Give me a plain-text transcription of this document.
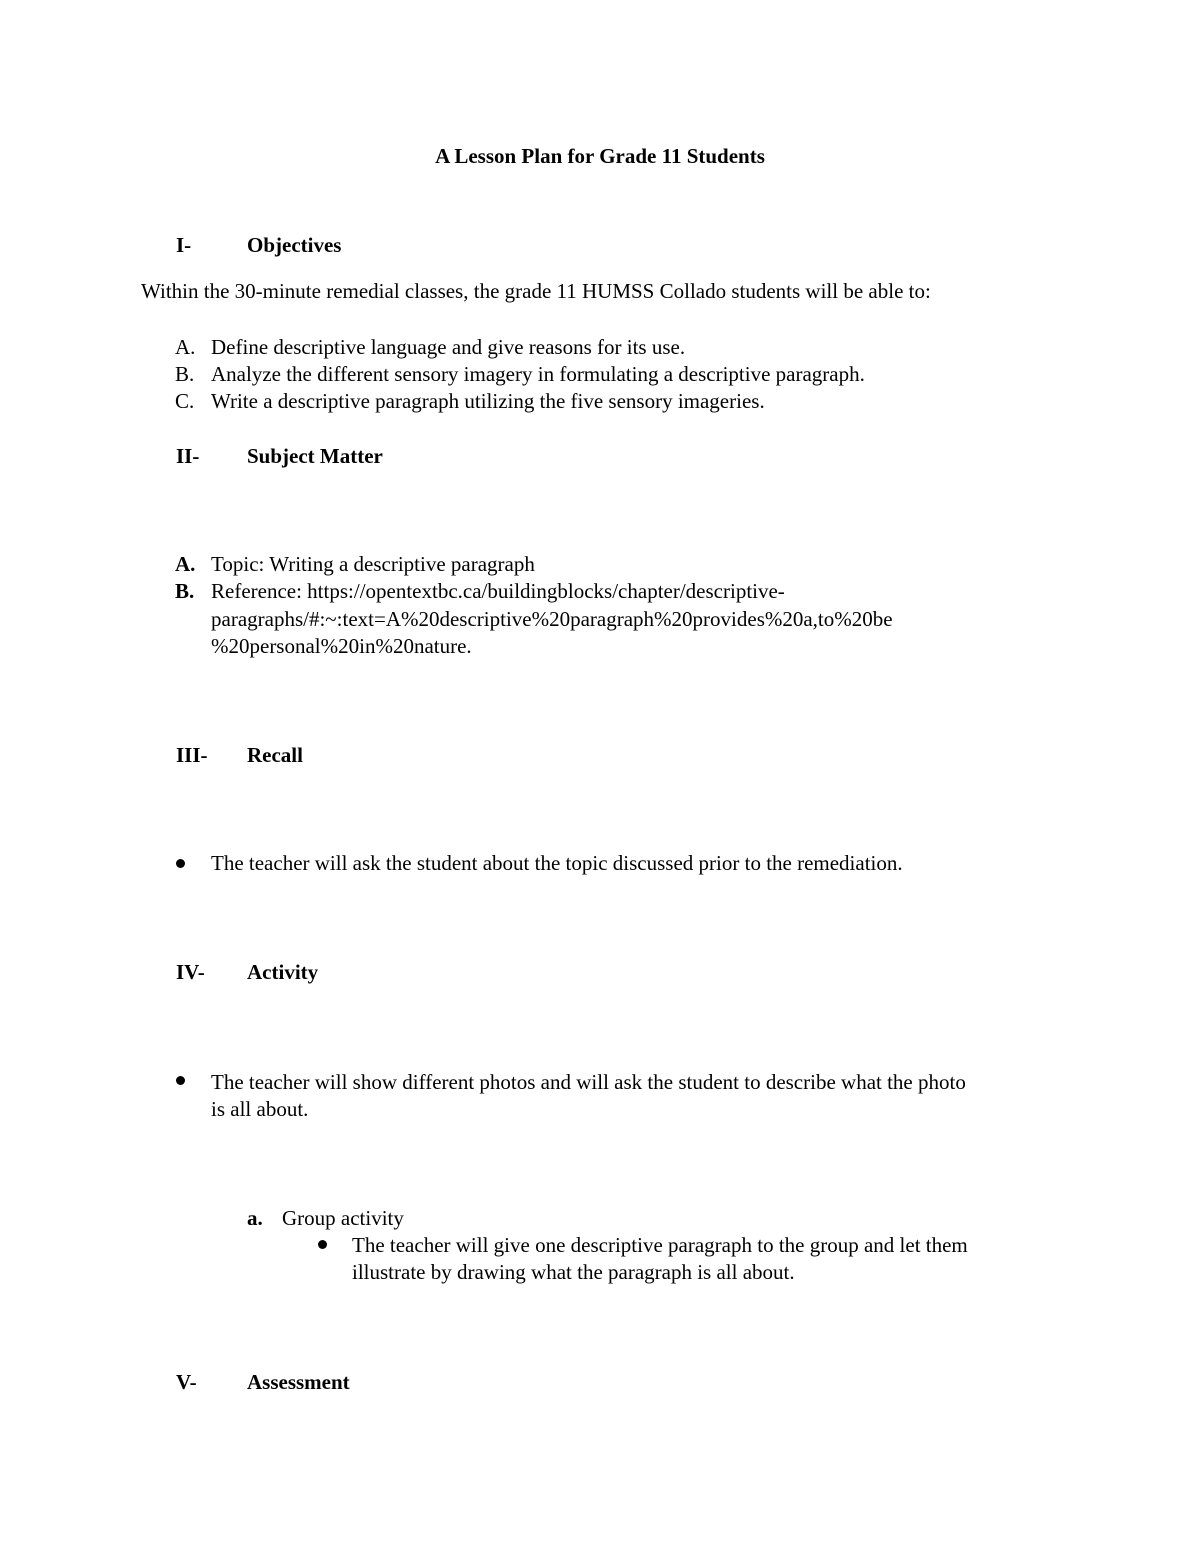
A Lesson Plan for Grade 11 Students
I-	Objectives
Within the 30-minute remedial classes, the grade 11 HUMSS Collado students will be able to:
A. Define descriptive language and give reasons for its use.
B. Analyze the different sensory imagery in formulating a descriptive paragraph.
C. Write a descriptive paragraph utilizing the five sensory imageries.
II- Subject Matter
A. Topic: Writing a descriptive paragraph
B. Reference: https://opentextbc.ca/buildingblocks/chapter/descriptive-
paragraphs/#:~:text=A%20descriptive%20paragraph%20provides%20a,to%20be
%20personal%20in%20nature.
III- Recall
The teacher will ask the student about the topic discussed prior to the remediation.
IV- Activity
The teacher will show different photos and will ask the student to describe what the photo
is all about.
a. Group activity
The teacher will give one descriptive paragraph to the group and let them
illustrate by drawing what the paragraph is all about.
V- Assessment
